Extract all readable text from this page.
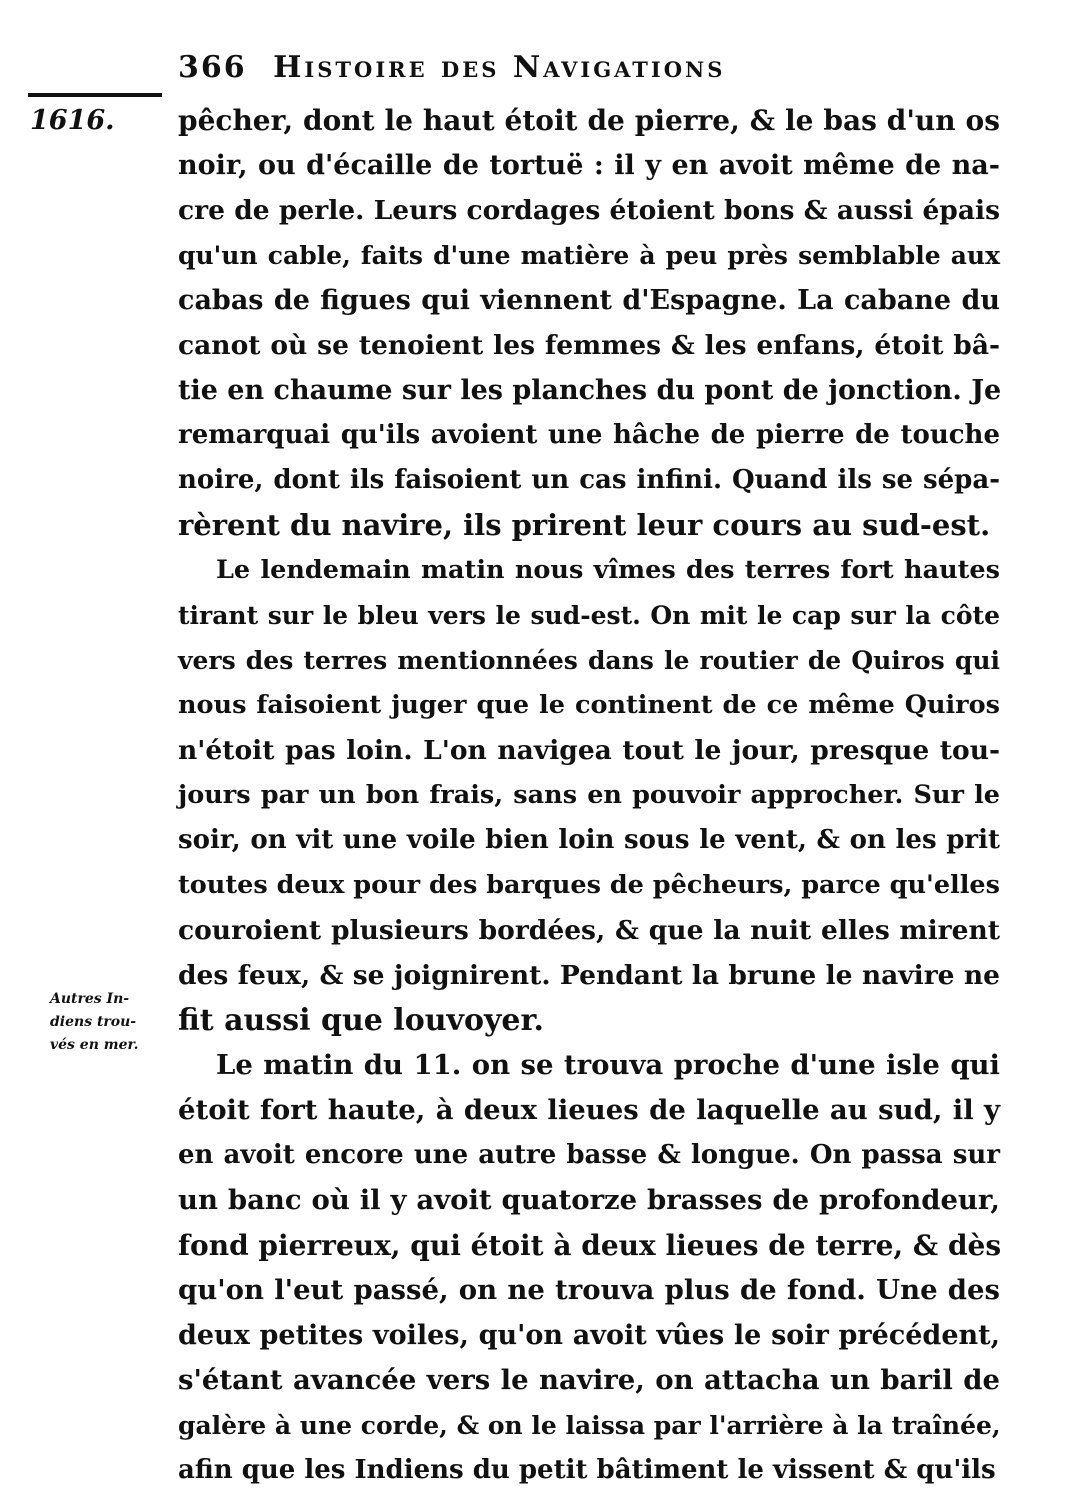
366 Histoire des Navigations
1616.
Autres In-
diens trou-
vés en mer.
pêcher, dont le haut étoit de pierre, & le bas d'un os
noir, ou d'écaille de tortuë : il y en avoit même de na-
cre de perle. Leurs cordages étoient bons & aussi épais
qu'un cable, faits d'une matière à peu près semblable aux
cabas de figues qui viennent d'Espagne. La cabane du
canot où se tenoient les femmes & les enfans, étoit bâ-
tie en chaume sur les planches du pont de jonction. Je
remarquai qu'ils avoient une hâche de pierre de touche
noire, dont ils faisoient un cas infini. Quand ils se sépa-
rèrent du navire, ils prirent leur cours au sud-est.
Le lendemain matin nous vîmes des terres fort hautes
tirant sur le bleu vers le sud-est. On mit le cap sur la côte
vers des terres mentionnées dans le routier de Quiros qui
nous faisoient juger que le continent de ce même Quiros
n'étoit pas loin. L'on navigea tout le jour, presque tou-
jours par un bon frais, sans en pouvoir approcher. Sur le
soir, on vit une voile bien loin sous le vent, & on les prit
toutes deux pour des barques de pêcheurs, parce qu'elles
couroient plusieurs bordées, & que la nuit elles mirent
des feux, & se joignirent. Pendant la brune le navire ne
fit aussi que louvoyer.
Le matin du 11. on se trouva proche d'une isle qui
étoit fort haute, à deux lieues de laquelle au sud, il y
en avoit encore une autre basse & longue. On passa sur
un banc où il y avoit quatorze brasses de profondeur,
fond pierreux, qui étoit à deux lieues de terre, & dès
qu'on l'eut passé, on ne trouva plus de fond. Une des
deux petites voiles, qu'on avoit vûes le soir précédent,
s'étant avancée vers le navire, on attacha un baril de
galère à une corde, & on le laissa par l'arrière à la traînée,
afin que les Indiens du petit bâtiment le vissent & qu'ils
